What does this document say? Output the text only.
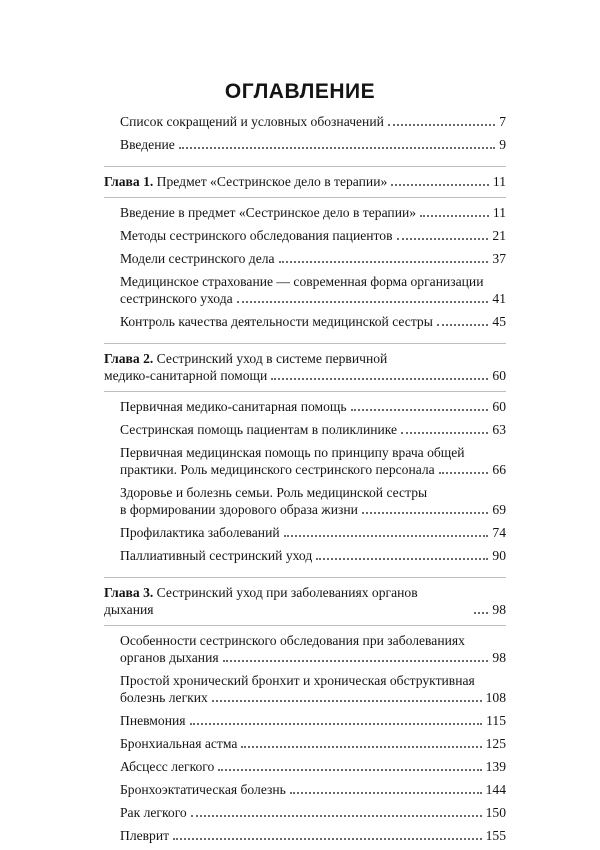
ОГЛАВЛЕНИЕ
Список сокращений и условных обозначений	7
Введение	9
Глава 1. Предмет «Сестринское дело в терапии»	11
Введение в предмет «Сестринское дело в терапии»	11
Методы сестринского обследования пациентов	21
Модели сестринского дела	37
Медицинское страхование — современная форма организации
сестринского ухода	41
Контроль качества деятельности медицинской сестры	45
Глава 2. Сестринский уход в системе первичной
медико-санитарной помощи	60
Первичная медико-санитарная помощь	60
Сестринская помощь пациентам в поликлинике	63
Первичная медицинская помощь по принципу врача общей
практики. Роль медицинского сестринского персонала	66
Здоровье и болезнь семьи. Роль медицинской сестры
в формировании здорового образа жизни	69
Профилактика заболеваний	74
Паллиативный сестринский уход	90
Глава 3. Сестринский уход при заболеваниях органов дыхания	98
Особенности сестринского обследования при заболеваниях
органов дыхания	98
Простой хронический бронхит и хроническая обструктивная
болезнь легких	108
Пневмония	115
Бронхиальная астма	125
Абсцесс легкого	139
Бронхоэктатическая болезнь	144
Рак легкого	150
Плеврит	155
